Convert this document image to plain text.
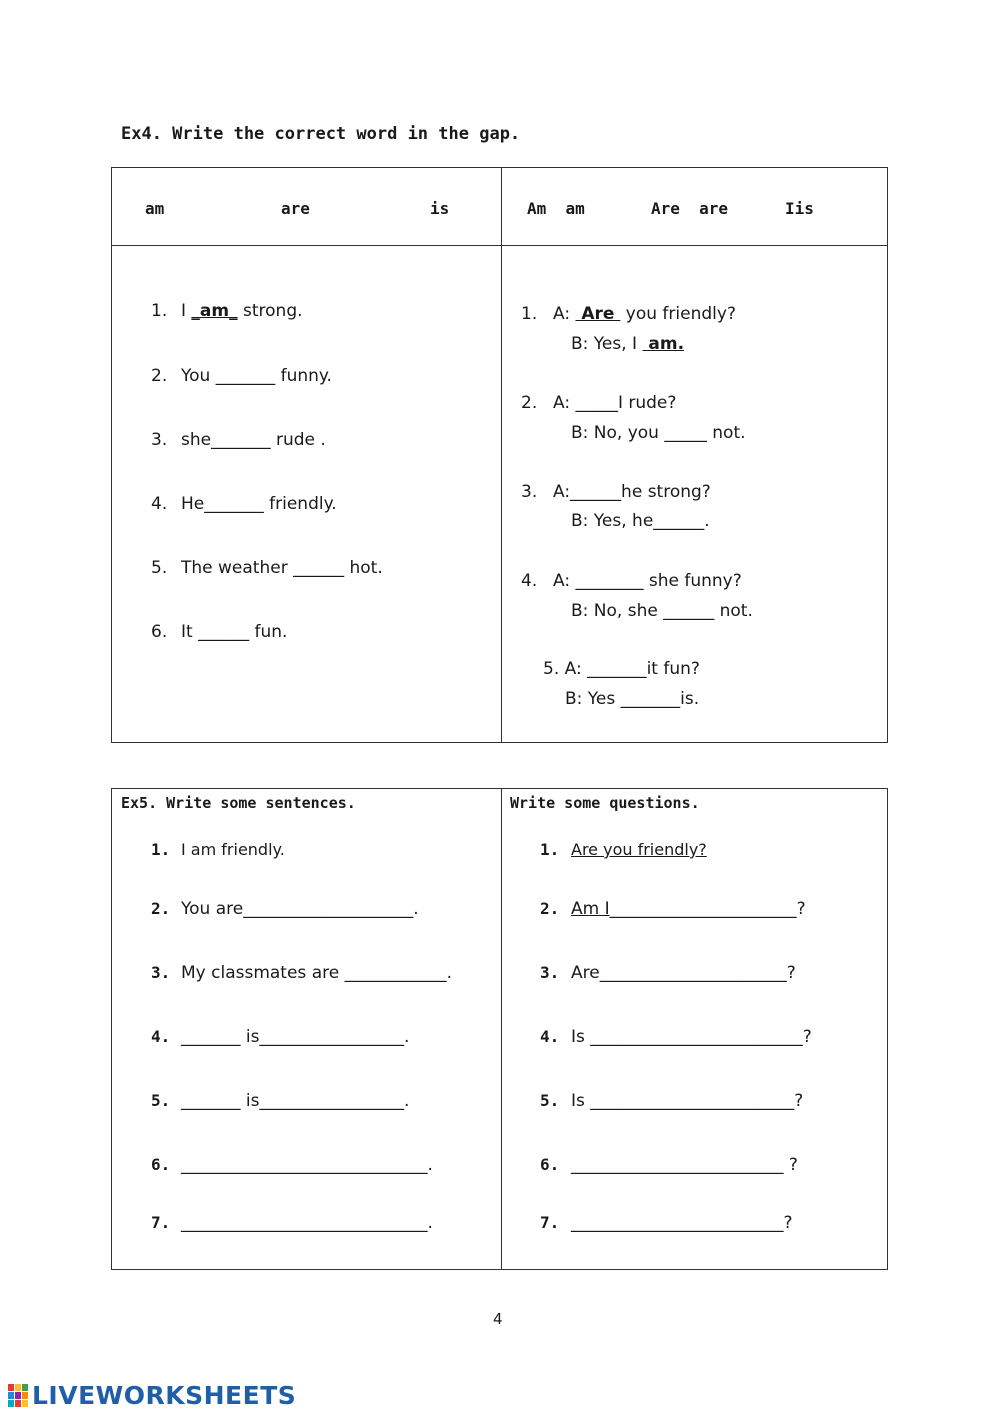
Ex4. Write the correct word in the gap.
am	are	is	Am  am	Are  are	Iis
1. I _am_ strong.
2. You _______ funny.
3. she_______ rude .
4. He_______ friendly.
5. The weather ______ hot.
6. It ______ fun.
1. A:  Are  you friendly?
B: Yes, I  am.
2. A: _____I rude?
B: No, you _____ not.
3. A:______he strong?
B: Yes, he______.
4. A: ________ she funny?
B: No, she ______ not.
5. A: _______it fun?
B: Yes _______is.
Ex5. Write some sentences.	Write some questions.
1. I am friendly.
2. You are____________________.
3. My classmates are ____________.
4. _______ is_________________.
5. _______ is_________________.
6. _____________________________.
7. _____________________________.
1. Are you friendly?
2. Am I______________________?
3. Are______________________?
4. Is _________________________?
5. Is ________________________?
6. _________________________ ?
7. _________________________?
4
LIVEWORKSHEETS
